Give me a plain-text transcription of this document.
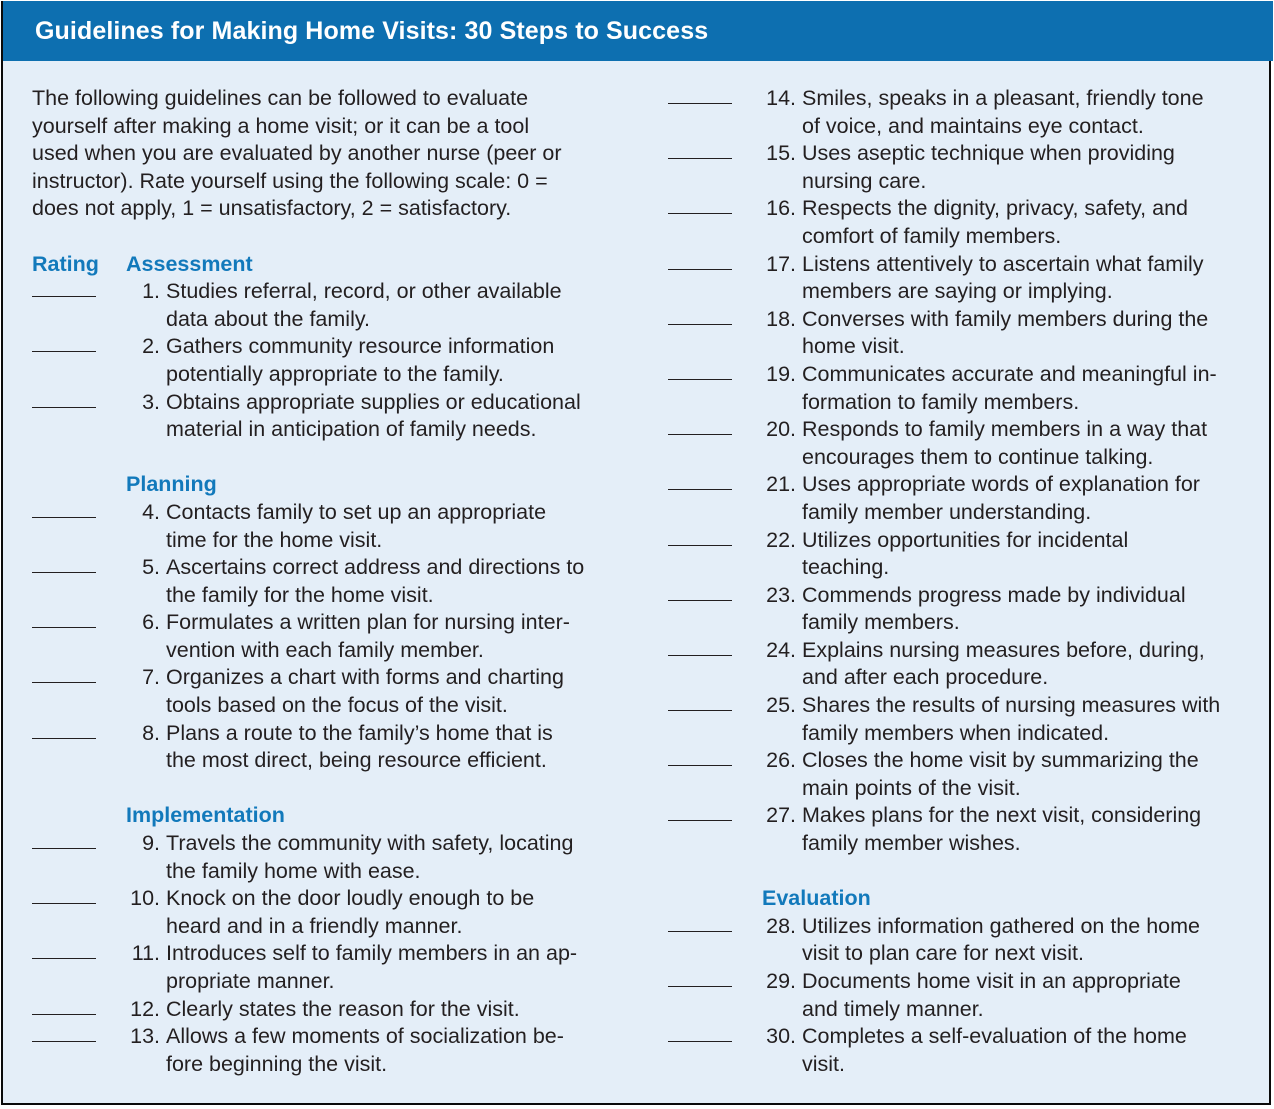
Guidelines for Making Home Visits: 30 Steps to Success
The following guidelines can be followed to evaluate
yourself after making a home visit; or it can be a tool
used when you are evaluated by another nurse (peer or
instructor). Rate yourself using the following scale: 0 =
does not apply, 1 = unsatisfactory, 2 = satisfactory.
Rating	Assessment
1. Studies referral, record, or other available
data about the family.
2. Gathers community resource information
potentially appropriate to the family.
3. Obtains appropriate supplies or educational
material in anticipation of family needs.
Planning
4. Contacts family to set up an appropriate
time for the home visit.
5. Ascertains correct address and directions to
the family for the home visit.
6. Formulates a written plan for nursing inter-
vention with each family member.
7. Organizes a chart with forms and charting
tools based on the focus of the visit.
8. Plans a route to the family’s home that is
the most direct, being resource efficient.
Implementation
9. Travels the community with safety, locating
the family home with ease.
10. Knock on the door loudly enough to be
heard and in a friendly manner.
11. Introduces self to family members in an ap-
propriate manner.
12. Clearly states the reason for the visit.
13. Allows a few moments of socialization be-
fore beginning the visit.
14. Smiles, speaks in a pleasant, friendly tone
of voice, and maintains eye contact.
15. Uses aseptic technique when providing
nursing care.
16. Respects the dignity, privacy, safety, and
comfort of family members.
17. Listens attentively to ascertain what family
members are saying or implying.
18. Converses with family members during the
home visit.
19. Communicates accurate and meaningful in-
formation to family members.
20. Responds to family members in a way that
encourages them to continue talking.
21. Uses appropriate words of explanation for
family member understanding.
22. Utilizes opportunities for incidental
teaching.
23. Commends progress made by individual
family members.
24. Explains nursing measures before, during,
and after each procedure.
25. Shares the results of nursing measures with
family members when indicated.
26. Closes the home visit by summarizing the
main points of the visit.
27. Makes plans for the next visit, considering
family member wishes.
Evaluation
28. Utilizes information gathered on the home
visit to plan care for next visit.
29. Documents home visit in an appropriate
and timely manner.
30. Completes a self-evaluation of the home
visit.
